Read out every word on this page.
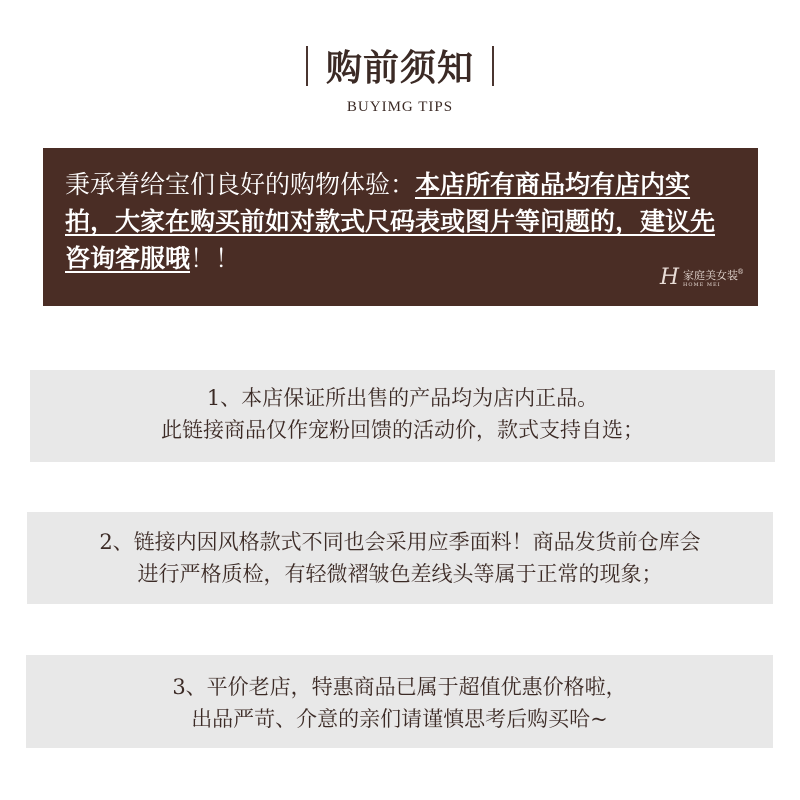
购前须知
BUYIMG TIPS

秉承着给宝们良好的购物体验：本店所有商品均有店内实拍，大家在购买前如对款式尺码表或图片等问题的，建议先咨询客服哦！！

H 家庭美女装
HOME MEI
®
1、本店保证所出售的产品均为店内正品。
此链接商品仅作宠粉回馈的活动价，款式支持自选；
2、链接内因风格款式不同也会采用应季面料！商品发货前仓库会
进行严格质检，有轻微褶皱色差线头等属于正常的现象；
3、平价老店，特惠商品已属于超值优惠价格啦，
出品严苛、介意的亲们请谨慎思考后购买哈~
